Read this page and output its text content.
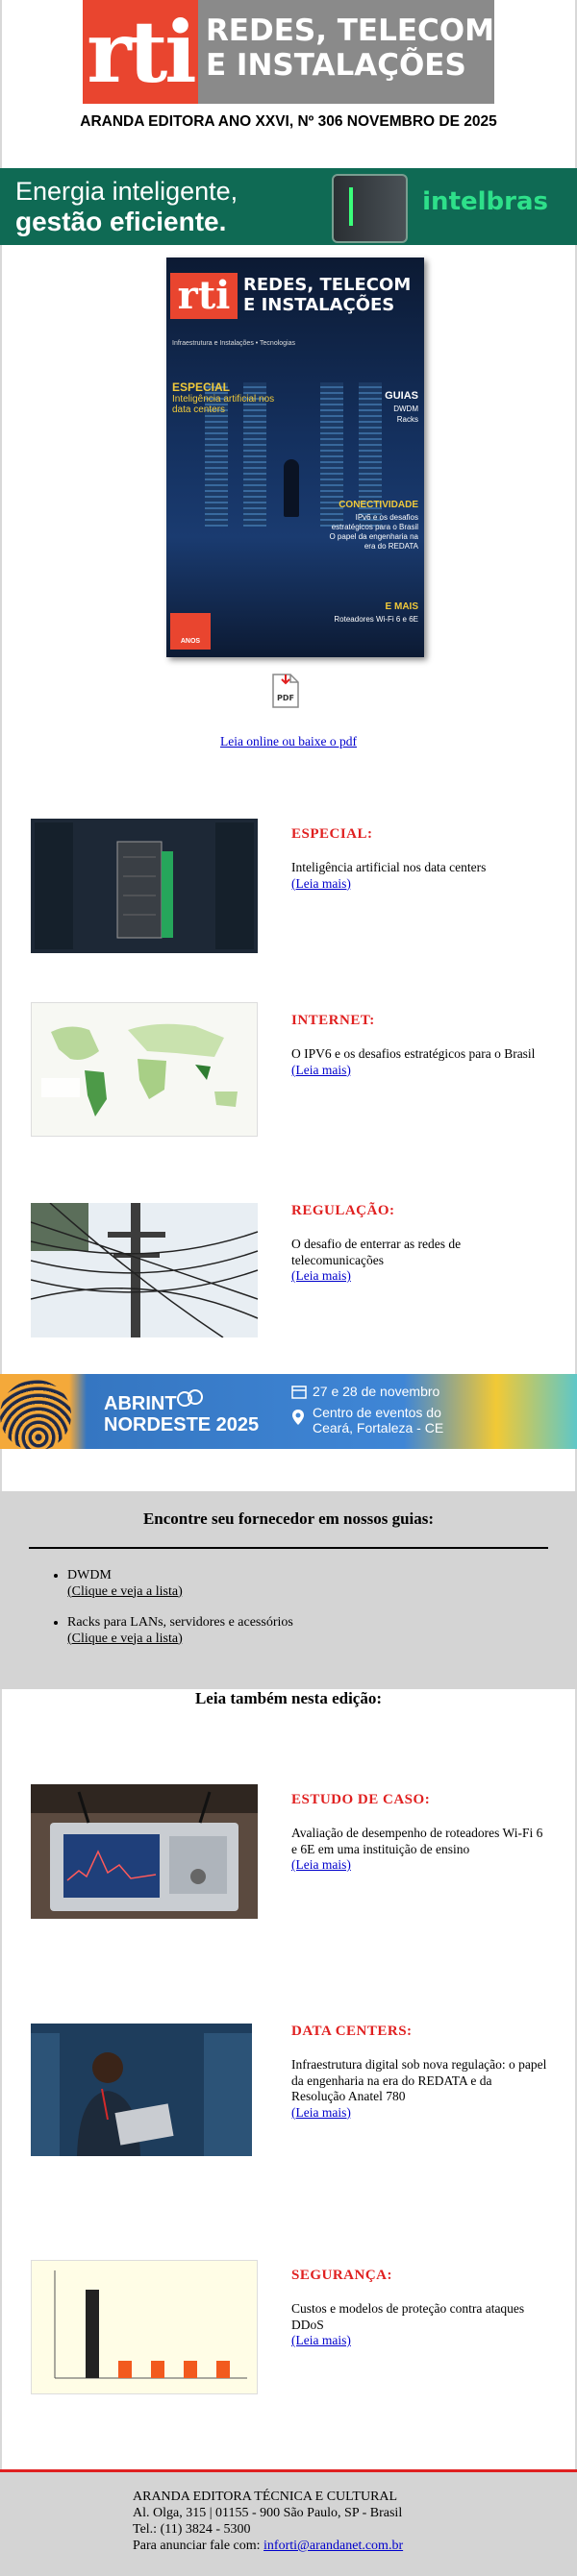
rti REDES, TELECOM
E INSTALAÇÕES
ARANDA EDITORA ANO XXVI, Nº 306 NOVEMBRO DE 2025
Energia inteligente,
gestão eficiente.
intelbras
rti REDES, TELECOM
E INSTALAÇÕES
Infraestrutura e Instalações • Tecnologias
ESPECIAL
Inteligência artificial nos data centers
GUIAS
DWDM
Racks
CONECTIVIDADE
IPv6 e os desafios estratégicos para o Brasil
O papel da engenharia na era do REDATA
E MAIS
Roteadores Wi-Fi 6 e 6E
ANOS
PDF
Leia online ou baixe o pdf
ESPECIAL:
Inteligência artificial nos data centers
(Leia mais)
INTERNET:
O IPV6 e os desafios estratégicos para o Brasil
(Leia mais)
REGULAÇÃO:
O desafio de enterrar as redes de telecomunicações
(Leia mais)
ABRINT
NORDESTE 2025
27 e 28 de novembro
Centro de eventos do
Ceará, Fortaleza - CE
Encontre seu fornecedor em nossos guias:
• DWDM
(Clique e veja a lista)
• Racks para LANs, servidores e acessórios
(Clique e veja a lista)
Leia também nesta edição:
ESTUDO DE CASO:
Avaliação de desempenho de roteadores Wi-Fi 6 e 6E em uma instituição de ensino
(Leia mais)
DATA CENTERS:
Infraestrutura digital sob nova regulação: o papel da engenharia na era do REDATA e da Resolução Anatel 780
(Leia mais)
SEGURANÇA:
Custos e modelos de proteção contra ataques DDoS
(Leia mais)
ARANDA EDITORA TÉCNICA E CULTURAL
Al. Olga, 315 | 01155 - 900 São Paulo, SP - Brasil
Tel.: (11) 3824 - 5300
Para anunciar fale com: inforti@arandanet.com.br
